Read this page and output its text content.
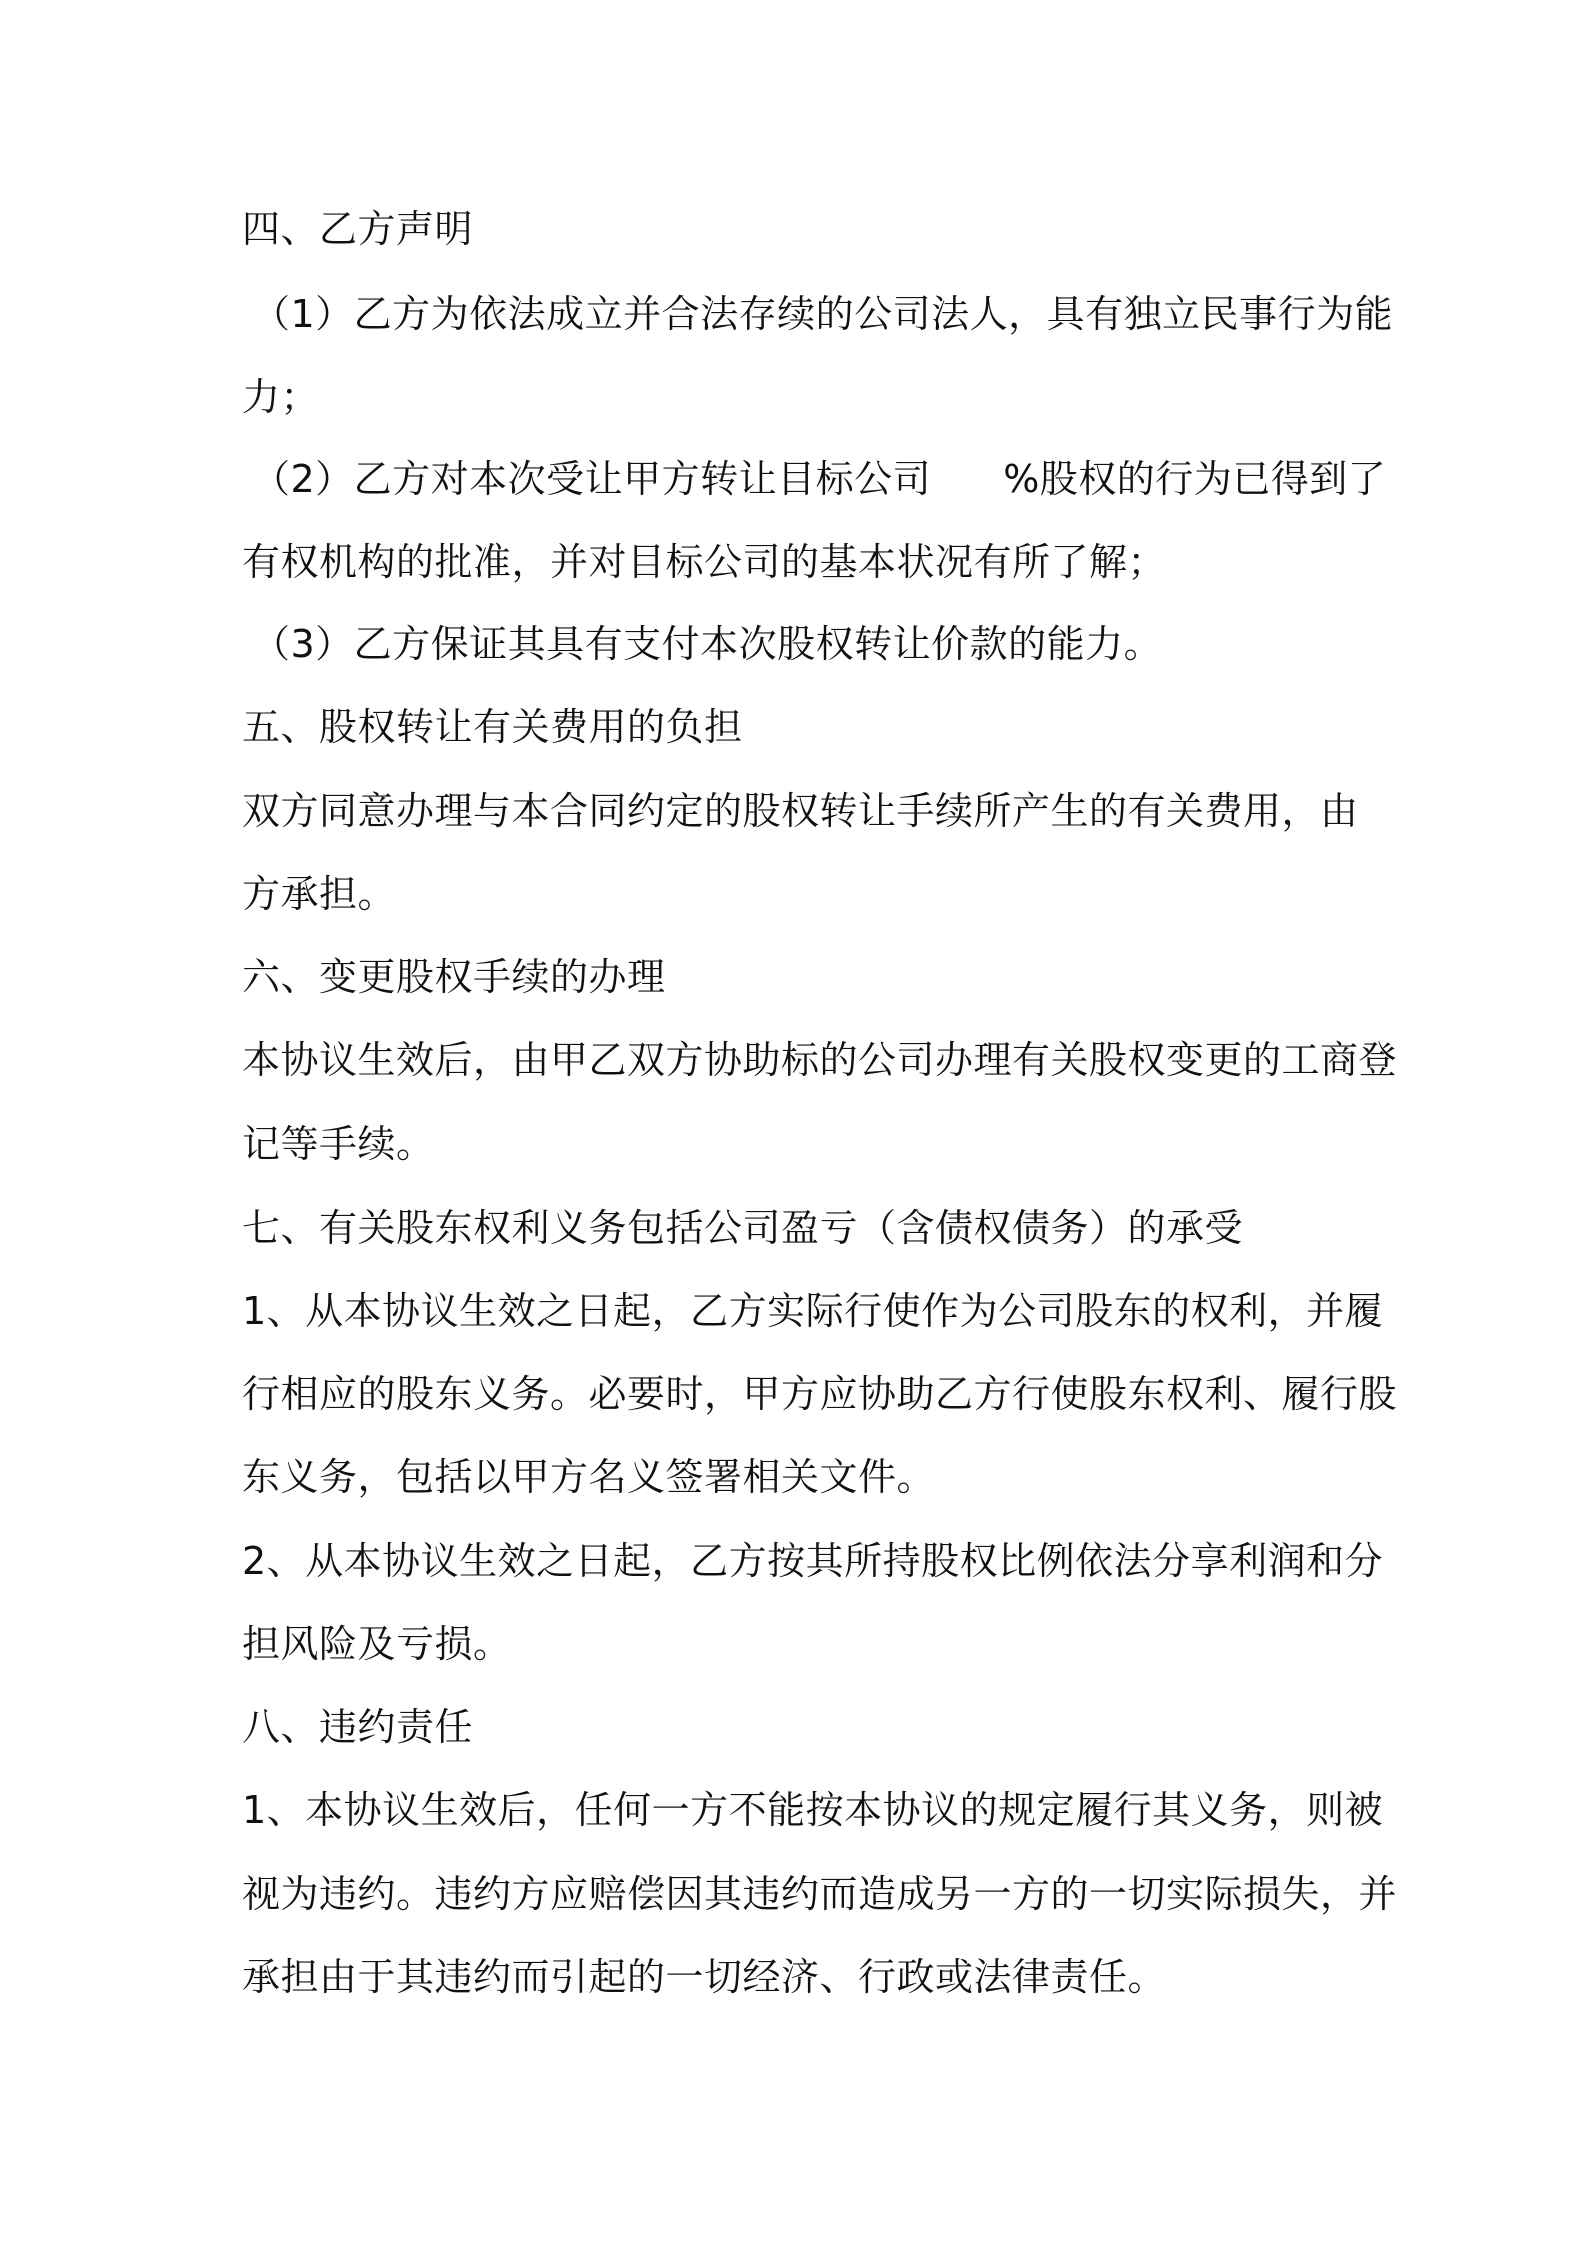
四、乙方声明
（1）乙方为依法成立并合法存续的公司法人，具有独立民事行为能
力；
（2）乙方对本次受让甲方转让目标公司 %股权的行为已得到了
有权机构的批准，并对目标公司的基本状况有所了解；
（3）乙方保证其具有支付本次股权转让价款的能力。
五、股权转让有关费用的负担
双方同意办理与本合同约定的股权转让手续所产生的有关费用，由
方承担。
六、变更股权手续的办理
本协议生效后，由甲乙双方协助标的公司办理有关股权变更的工商登
记等手续。
七、有关股东权利义务包括公司盈亏（含债权债务）的承受
1、从本协议生效之日起，乙方实际行使作为公司股东的权利，并履
行相应的股东义务。必要时，甲方应协助乙方行使股东权利、履行股
东义务，包括以甲方名义签署相关文件。
2、从本协议生效之日起，乙方按其所持股权比例依法分享利润和分
担风险及亏损。
八、违约责任
1、本协议生效后，任何一方不能按本协议的规定履行其义务，则被
视为违约。违约方应赔偿因其违约而造成另一方的一切实际损失，并
承担由于其违约而引起的一切经济、行政或法律责任。
